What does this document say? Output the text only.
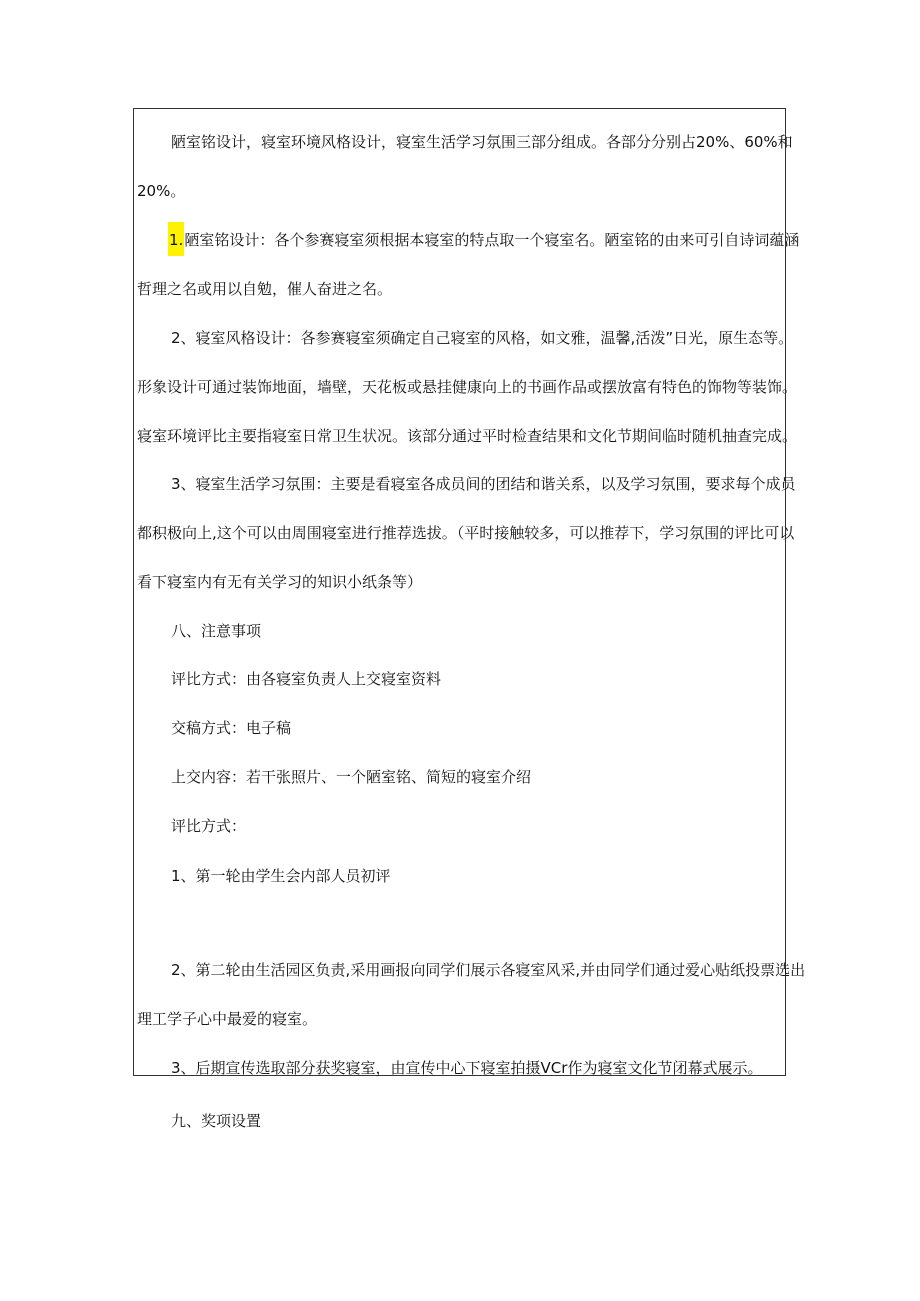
陋室铭设计，寝室环境风格设计，寝室生活学习氛围三部分组成。各部分分别占20%、60%和
20%。
1.陋室铭设计：各个参赛寝室须根据本寝室的特点取一个寝室名。陋室铭的由来可引自诗词蕴涵
哲理之名或用以自勉，催人奋进之名。
2、寝室风格设计：各参赛寝室须确定自己寝室的风格，如文雅，温馨,活泼”日光，原生态等。
形象设计可通过装饰地面，墙壁，天花板或悬挂健康向上的书画作品或摆放富有特色的饰物等装饰。
寝室环境评比主要指寝室日常卫生状况。该部分通过平时检查结果和文化节期间临时随机抽查完成。
3、寝室生活学习氛围：主要是看寝室各成员间的团结和谐关系，以及学习氛围，要求每个成员
都积极向上,这个可以由周围寝室进行推荐选拔。（平时接触较多，可以推荐下，学习氛围的评比可以
看下寝室内有无有关学习的知识小纸条等）
八、注意事项
评比方式：由各寝室负责人上交寝室资料
交稿方式：电子稿
上交内容：若干张照片、一个陋室铭、简短的寝室介绍
评比方式：
1、第一轮由学生会内部人员初评
2、第二轮由生活园区负责,采用画报向同学们展示各寝室风采,并由同学们通过爱心贴纸投票选出
理工学子心中最爱的寝室。
3、后期宣传选取部分获奖寝室，由宣传中心下寝室拍摄VCr作为寝室文化节闭幕式展示。
九、奖项设置
